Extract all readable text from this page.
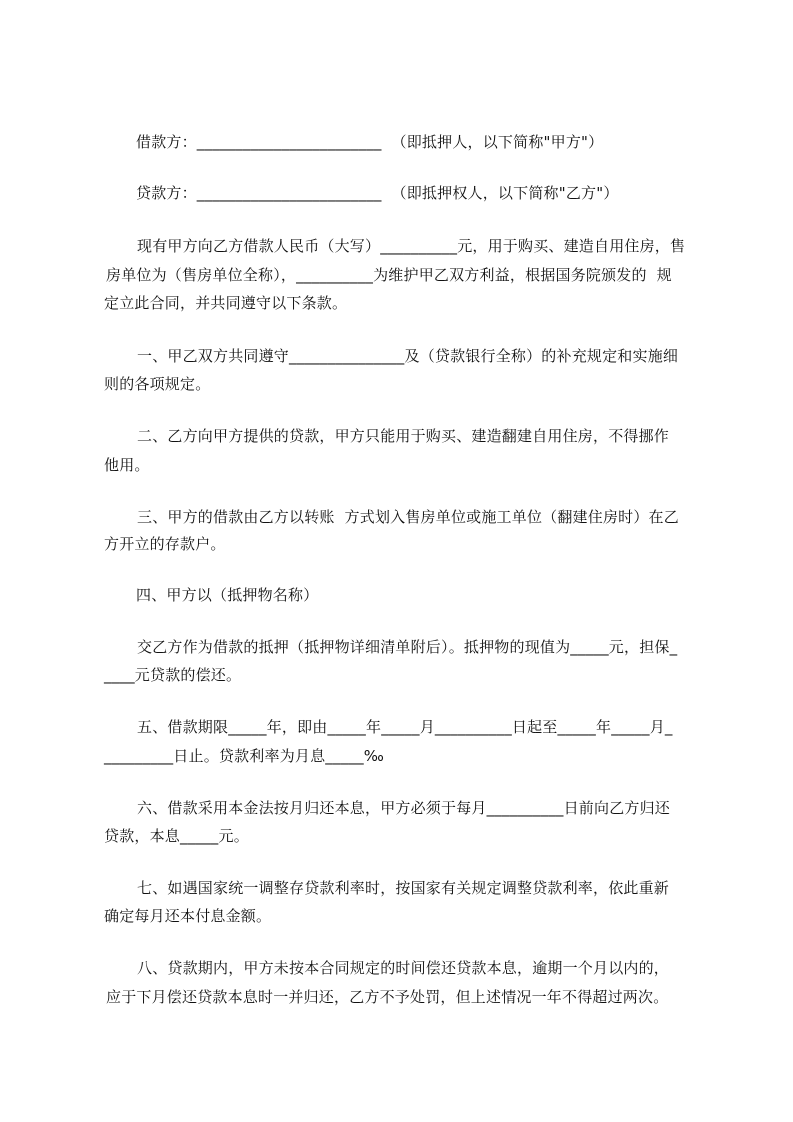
借款方：________________________  （即抵押人，以下简称"甲方"）
贷款方：________________________  （即抵押权人，以下简称"乙方"）
现有甲方向乙方借款人民币（大写）__________元，用于购买、建造自用住房，售
房单位为（售房单位全称），__________为维护甲乙双方利益，根据国务院颁发的  规
定立此合同，并共同遵守以下条款。
一、甲乙双方共同遵守_______________及（贷款银行全称）的补充规定和实施细
则的各项规定。
二、乙方向甲方提供的贷款，甲方只能用于购买、建造翻建自用住房，不得挪作
他用。
三、甲方的借款由乙方以转账  方式划入售房单位或施工单位（翻建住房时）在乙
方开立的存款户。
四、甲方以（抵押物名称）
交乙方作为借款的抵押（抵押物详细清单附后）。抵押物的现值为_____元，担保_
____元贷款的偿还。
五、借款期限_____年，即由_____年_____月__________日起至_____年_____月_
_________日止。贷款利率为月息_____‰
六、借款采用本金法按月归还本息，甲方必须于每月__________日前向乙方归还
贷款，本息_____元。
七、如遇国家统一调整存贷款利率时，按国家有关规定调整贷款利率，依此重新
确定每月还本付息金额。
八、贷款期内，甲方未按本合同规定的时间偿还贷款本息，逾期一个月以内的，
应于下月偿还贷款本息时一并归还，乙方不予处罚，但上述情况一年不得超过两次。
